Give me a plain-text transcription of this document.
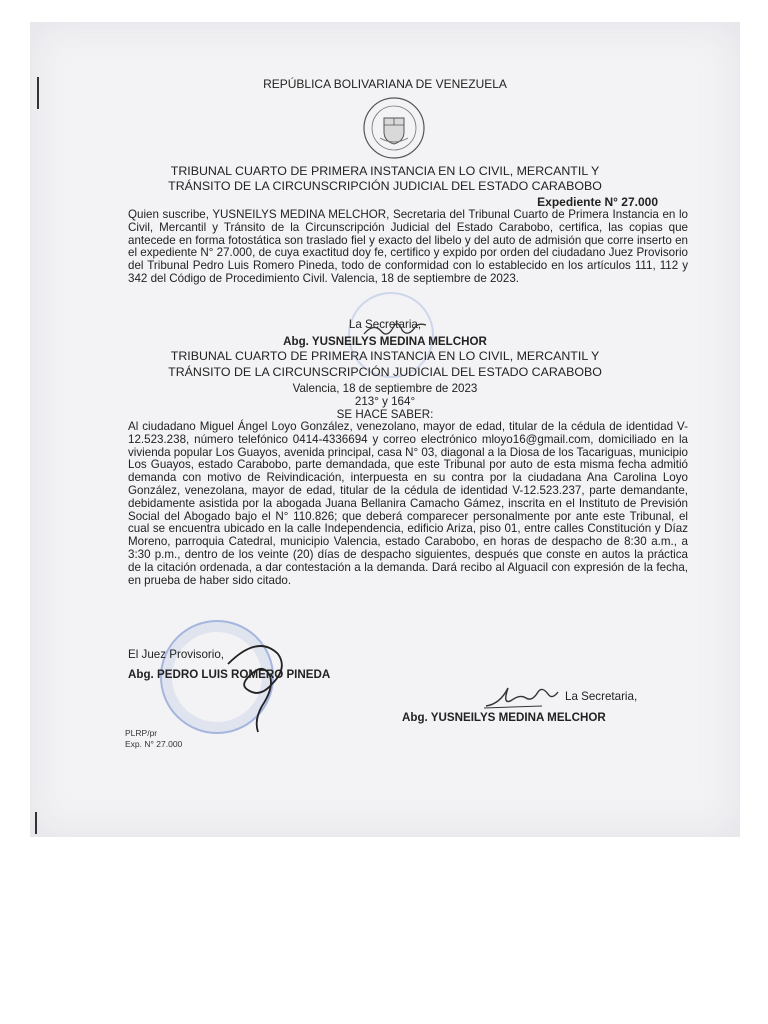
REPÚBLICA BOLIVARIANA DE VENEZUELA
TRIBUNAL CUARTO DE PRIMERA INSTANCIA EN LO CIVIL, MERCANTIL Y
TRÁNSITO DE LA CIRCUNSCRIPCIÓN JUDICIAL DEL ESTADO CARABOBO
Expediente N° 27.000
Quien suscribe, YUSNEILYS MEDINA MELCHOR, Secretaria del Tribunal Cuarto de Primera Instancia en lo Civil, Mercantil y Tránsito de la Circunscripción Judicial del Estado Carabobo, certifica, las copias que antecede en forma fotostática son traslado fiel y exacto del libelo y del auto de admisión que corre inserto en el expediente N° 27.000, de cuya exactitud doy fe, certifico y expido por orden del ciudadano Juez Provisorio del Tribunal Pedro Luis Romero Pineda, todo de conformidad con lo establecido en los artículos 111, 112 y 342 del Código de Procedimiento Civil. Valencia, 18 de septiembre de 2023.
La Secretaria,
Abg. YUSNEILYS MEDINA MELCHOR
TRIBUNAL CUARTO DE PRIMERA INSTANCIA EN LO CIVIL, MERCANTIL Y
TRÁNSITO DE LA CIRCUNSCRIPCIÓN JUDICIAL DEL ESTADO CARABOBO
Valencia, 18 de septiembre de 2023
213° y 164°
SE HACE SABER:
Al ciudadano Miguel Ángel Loyo González, venezolano, mayor de edad, titular de la cédula de identidad V-12.523.238, número telefónico 0414-4336694 y correo electrónico mloyo16@gmail.com, domiciliado en la vivienda popular Los Guayos, avenida principal, casa N° 03, diagonal a la Diosa de los Tacariguas, municipio Los Guayos, estado Carabobo, parte demandada, que este Tribunal por auto de esta misma fecha admitió demanda con motivo de Reivindicación, interpuesta en su contra por la ciudadana Ana Carolina Loyo González, venezolana, mayor de edad, titular de la cédula de identidad V-12.523.237, parte demandante, debidamente asistida por la abogada Juana Bellanira Camacho Gámez, inscrita en el Instituto de Previsión Social del Abogado bajo el N° 110.826; que deberá comparecer personalmente por ante este Tribunal, el cual se encuentra ubicado en la calle Independencia, edificio Ariza, piso 01, entre calles Constitución y Díaz Moreno, parroquia Catedral, municipio Valencia, estado Carabobo, en horas de despacho de 8:30 a.m., a 3:30 p.m., dentro de los veinte (20) días de despacho siguientes, después que conste en autos la práctica de la citación ordenada, a dar contestación a la demanda. Dará recibo al Alguacil con expresión de la fecha, en prueba de haber sido citado.
El Juez Provisorio,
Abg. PEDRO LUIS ROMERO PINEDA
La Secretaria,
Abg. YUSNEILYS MEDINA MELCHOR
PLRP/pr
Exp. N° 27.000
